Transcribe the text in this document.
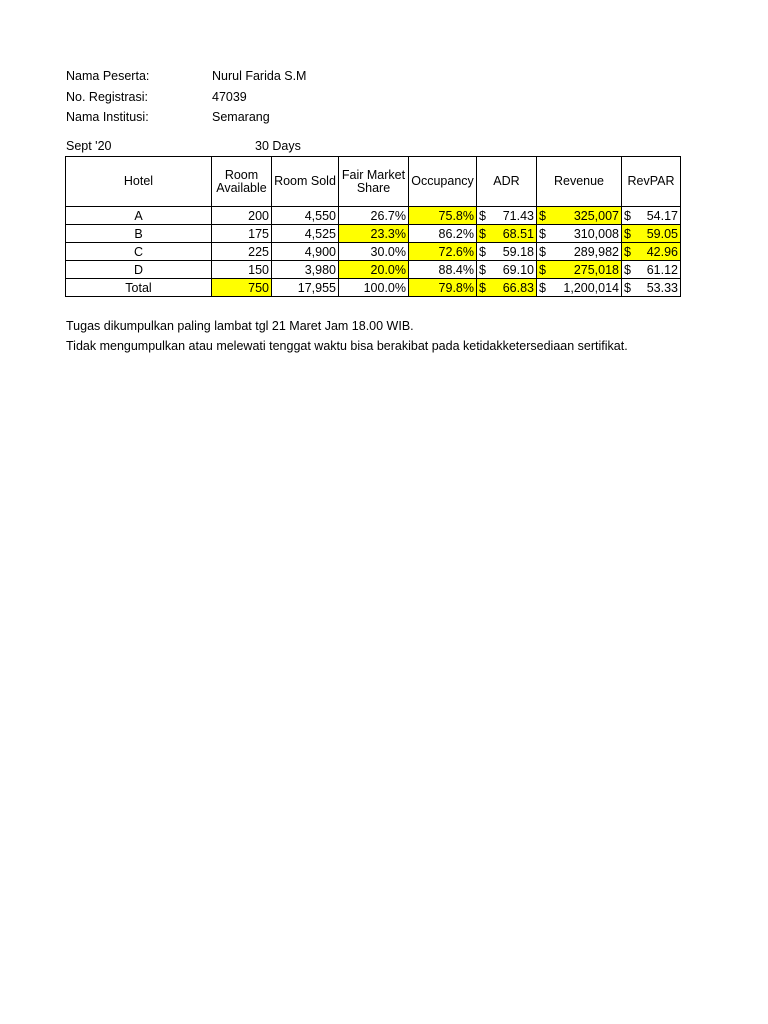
Nama Peserta:	Nurul Farida S.M
No. Registrasi:	47039
Nama Institusi:	Semarang
Sept '20	30 Days
Hotel	Room Available	Room Sold	Fair Market Share	Occupancy	ADR	Revenue	RevPAR
A	200	4,550	26.7%	75.8%	$ 71.43	$ 325,007	$ 54.17

B	175	4,525	23.3%	86.2%	$ 68.51	$ 310,008	$ 59.05

C	225	4,900	30.0%	72.6%	$ 59.18	$ 289,982	$ 42.96

D	150	3,980	20.0%	88.4%	$ 69.10	$ 275,018	$ 61.12

Total	750	17,955	100.0%	79.8%	$ 66.83	$ 1,200,014	$ 53.33
Tugas dikumpulkan paling lambat tgl 21 Maret Jam 18.00 WIB.
Tidak mengumpulkan atau melewati tenggat waktu bisa berakibat pada ketidakketersediaan sertifikat.
